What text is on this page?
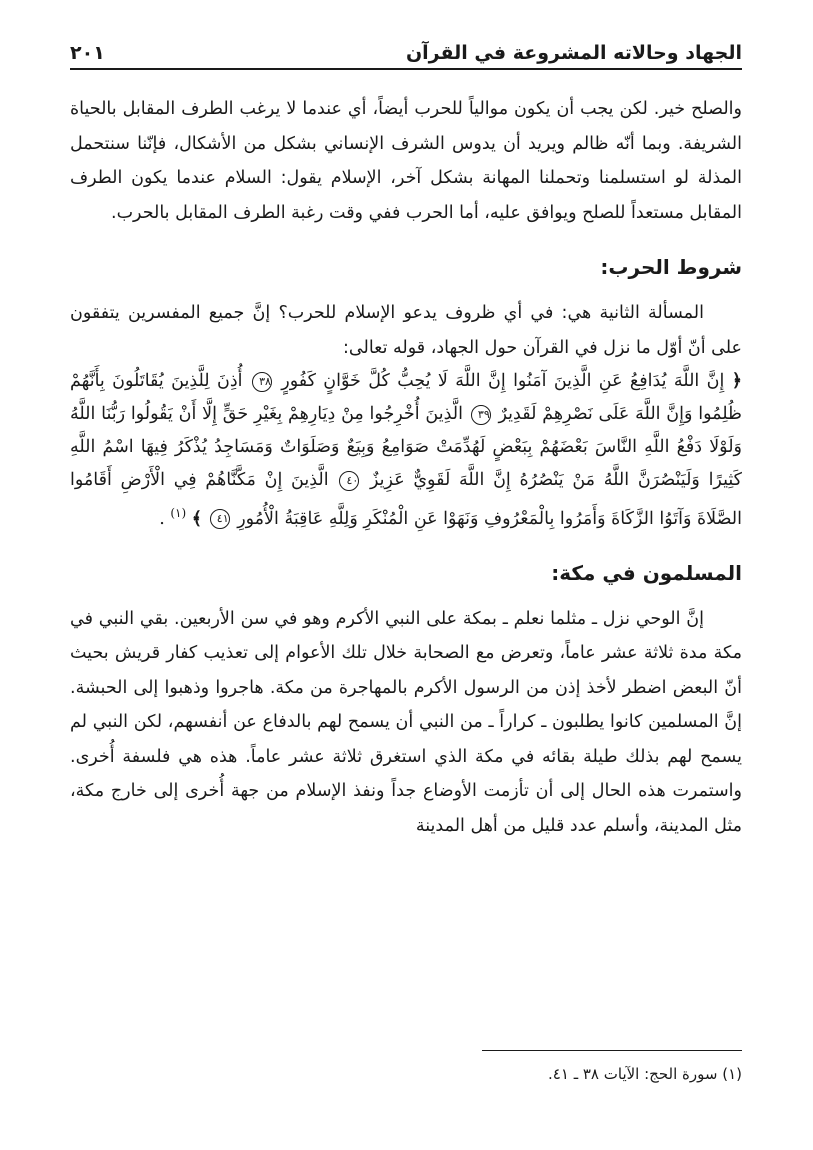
الجهاد وحالاته المشروعة في القرآن
٢٠١

والصلح خير. لكن يجب أن يكون موالياً للحرب أيضاً، أي عندما لا يرغب الطرف المقابل بالحياة الشريفة. وبما أنّه ظالم ويريد أن يدوس الشرف الإنساني بشكل من الأشكال، فإنّنا سنتحمل المذلة لو استسلمنا وتحملنا المهانة بشكل آخر، الإسلام يقول: السلام عندما يكون الطرف المقابل مستعداً للصلح ويوافق عليه، أما الحرب ففي وقت رغبة الطرف المقابل بالحرب.

شروط الحرب:

المسألة الثانية هي: في أي ظروف يدعو الإسلام للحرب؟ إنَّ جميع المفسرين يتفقون على أنّ أوّل ما نزل في القرآن حول الجهاد، قوله تعالى:

﴿ إِنَّ اللَّهَ يُدَافِعُ عَنِ الَّذِينَ آمَنُوا إِنَّ اللَّهَ لَا يُحِبُّ كُلَّ خَوَّانٍ كَفُورٍ ٣٨ أُذِنَ لِلَّذِينَ يُقَاتَلُونَ بِأَنَّهُمْ ظُلِمُوا وَإِنَّ اللَّهَ عَلَى نَصْرِهِمْ لَقَدِيرٌ ٣٩ الَّذِينَ أُخْرِجُوا مِنْ دِيَارِهِمْ بِغَيْرِ حَقٍّ إِلَّا أَنْ يَقُولُوا رَبُّنَا اللَّهُ وَلَوْلَا دَفْعُ اللَّهِ النَّاسَ بَعْضَهُمْ بِبَعْضٍ لَهُدِّمَتْ صَوَامِعُ وَبِيَعٌ وَصَلَوَاتٌ وَمَسَاجِدُ يُذْكَرُ فِيهَا اسْمُ اللَّهِ كَثِيرًا وَلَيَنْصُرَنَّ اللَّهُ مَنْ يَنْصُرُهُ إِنَّ اللَّهَ لَقَوِيٌّ عَزِيزٌ ٤٠ الَّذِينَ إِنْ مَكَّنَّاهُمْ فِي الْأَرْضِ أَقَامُوا الصَّلَاةَ وَآتَوُا الزَّكَاةَ وَأَمَرُوا بِالْمَعْرُوفِ وَنَهَوْا عَنِ الْمُنْكَرِ وَلِلَّهِ عَاقِبَةُ الْأُمُورِ ٤١ ﴾ $^{(١)}$ .
المسلمون في مكة:

إنَّ الوحي نزل ـ مثلما نعلم ـ بمكة على النبي الأكرم وهو في سن الأربعين. بقي النبي في مكة مدة ثلاثة عشر عاماً، وتعرض مع الصحابة خلال تلك الأعوام إلى تعذيب كفار قريش بحيث أنّ البعض اضطر لأخذ إذن من الرسول الأكرم بالمهاجرة من مكة. هاجروا وذهبوا إلى الحبشة. إنَّ المسلمين كانوا يطلبون ـ كراراً ـ من النبي أن يسمح لهم بالدفاع عن أنفسهم، لكن النبي لم يسمح لهم بذلك طيلة بقائه في مكة الذي استغرق ثلاثة عشر عاماً. هذه هي فلسفة أُخرى. واستمرت هذه الحال إلى أن تأزمت الأوضاع جداً ونفذ الإسلام من جهة أُخرى إلى خارج مكة، مثل المدينة، وأسلم عدد قليل من أهل المدينة

(١) سورة الحج: الآيات ٣٨ ـ ٤١.
